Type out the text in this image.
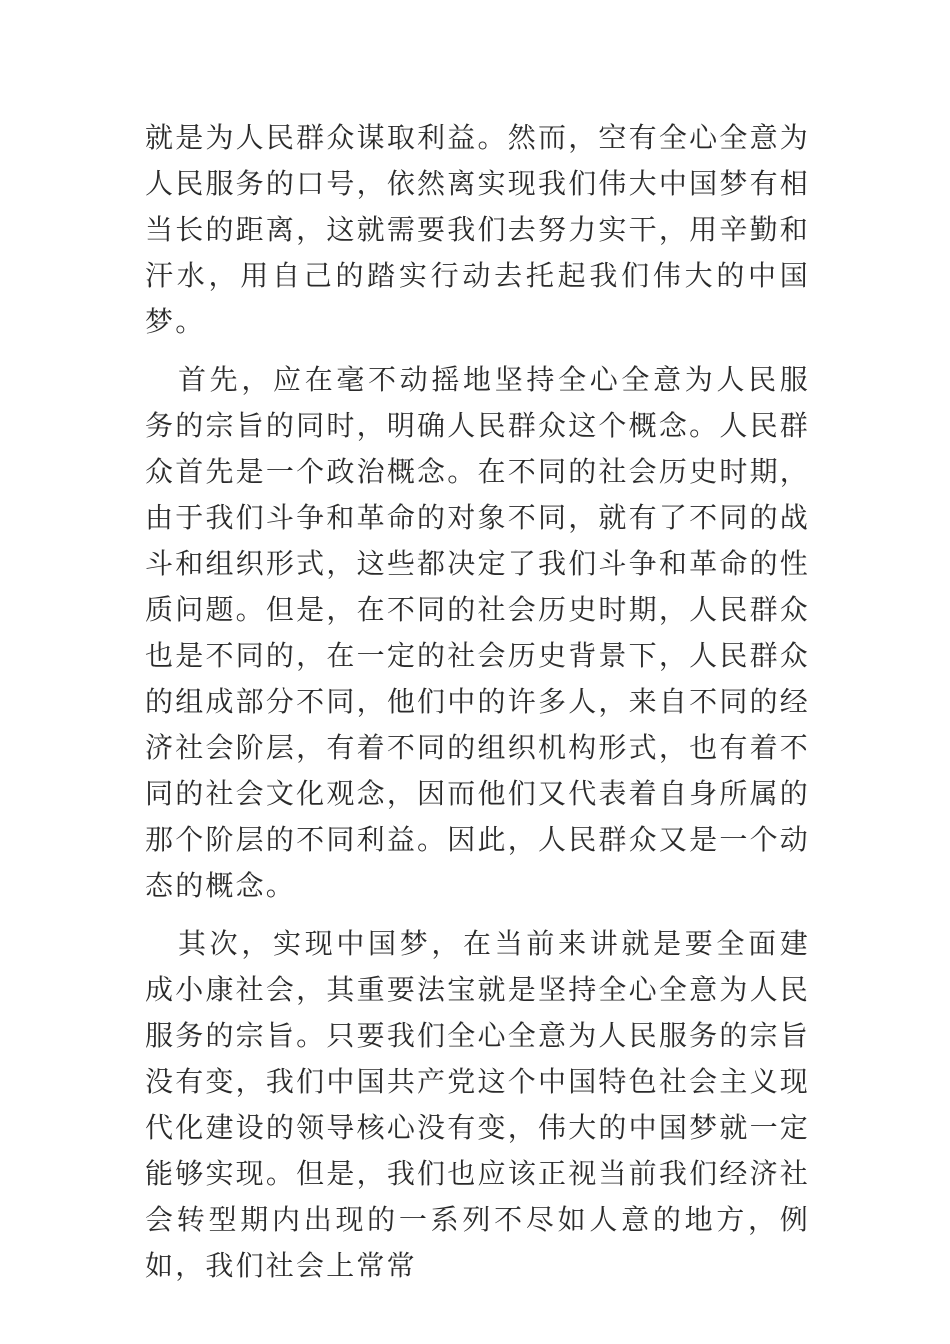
就是为人民群众谋取利益。然而，空有全心全意为人民服务的口号，依然离实现我们伟大中国梦有相当长的距离，这就需要我们去努力实干，用辛勤和汗水，用自己的踏实行动去托起我们伟大的中国梦。

首先，应在毫不动摇地坚持全心全意为人民服务的宗旨的同时，明确人民群众这个概念。人民群众首先是一个政治概念。在不同的社会历史时期，由于我们斗争和革命的对象不同，就有了不同的战斗和组织形式，这些都决定了我们斗争和革命的性质问题。但是，在不同的社会历史时期，人民群众也是不同的，在一定的社会历史背景下，人民群众的组成部分不同，他们中的许多人，来自不同的经济社会阶层，有着不同的组织机构形式，也有着不同的社会文化观念，因而他们又代表着自身所属的那个阶层的不同利益。因此，人民群众又是一个动态的概念。

其次，实现中国梦，在当前来讲就是要全面建成小康社会，其重要法宝就是坚持全心全意为人民服务的宗旨。只要我们全心全意为人民服务的宗旨没有变，我们中国共产党这个中国特色社会主义现代化建设的领导核心没有变，伟大的中国梦就一定能够实现。但是，我们也应该正视当前我们经济社会转型期内出现的一系列不尽如人意的地方，例如，我们社会上常常
